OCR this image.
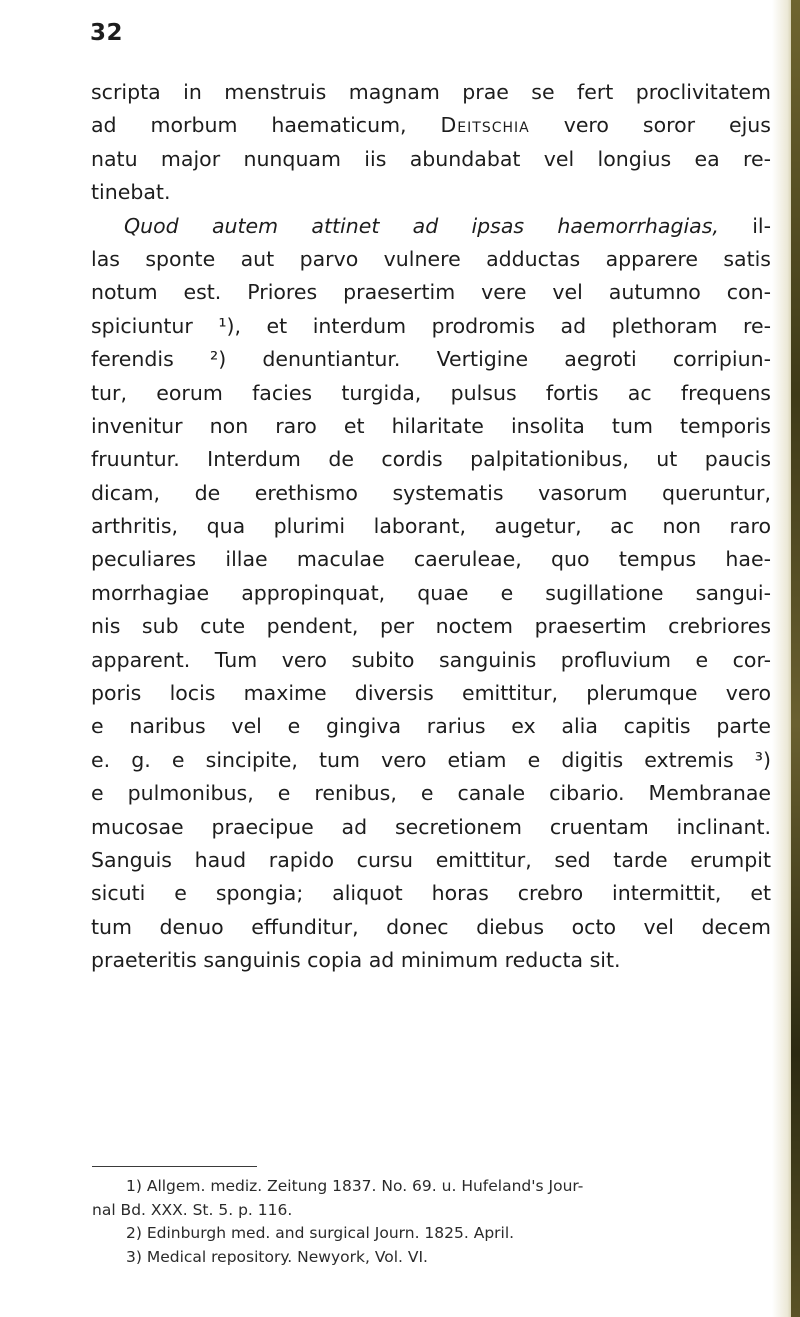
32
scripta in menstruis magnam prae se fert proclivitatem
ad morbum haematicum, Deitschia vero soror ejus
natu major nunquam iis abundabat vel longius ea re-
tinebat.
Quod autem attinet ad ipsas haemorrhagias, il-
las sponte aut parvo vulnere adductas apparere satis
notum est. Priores praesertim vere vel autumno con-
spiciuntur ¹), et interdum prodromis ad plethoram re-
ferendis ²) denuntiantur. Vertigine aegroti corripiun-
tur, eorum facies turgida, pulsus fortis ac frequens
invenitur non raro et hilaritate insolita tum temporis
fruuntur. Interdum de cordis palpitationibus, ut paucis
dicam, de erethismo systematis vasorum queruntur,
arthritis, qua plurimi laborant, augetur, ac non raro
peculiares illae maculae caeruleae, quo tempus hae-
morrhagiae appropinquat, quae e sugillatione sangui-
nis sub cute pendent, per noctem praesertim crebriores
apparent. Tum vero subito sanguinis profluvium e cor-
poris locis maxime diversis emittitur, plerumque vero
e naribus vel e gingiva rarius ex alia capitis parte
e. g. e sincipite, tum vero etiam e digitis extremis ³)
e pulmonibus, e renibus, e canale cibario. Membranae
mucosae praecipue ad secretionem cruentam inclinant.
Sanguis haud rapido cursu emittitur, sed tarde erumpit
sicuti e spongia; aliquot horas crebro intermittit, et
tum denuo effunditur, donec diebus octo vel decem
praeteritis sanguinis copia ad minimum reducta sit.
1) Allgem. mediz. Zeitung 1837. No. 69. u. Hufeland's Jour-
nal Bd. XXX. St. 5. p. 116.
2) Edinburgh med. and surgical Journ. 1825. April.
3) Medical repository. Newyork, Vol. VI.
